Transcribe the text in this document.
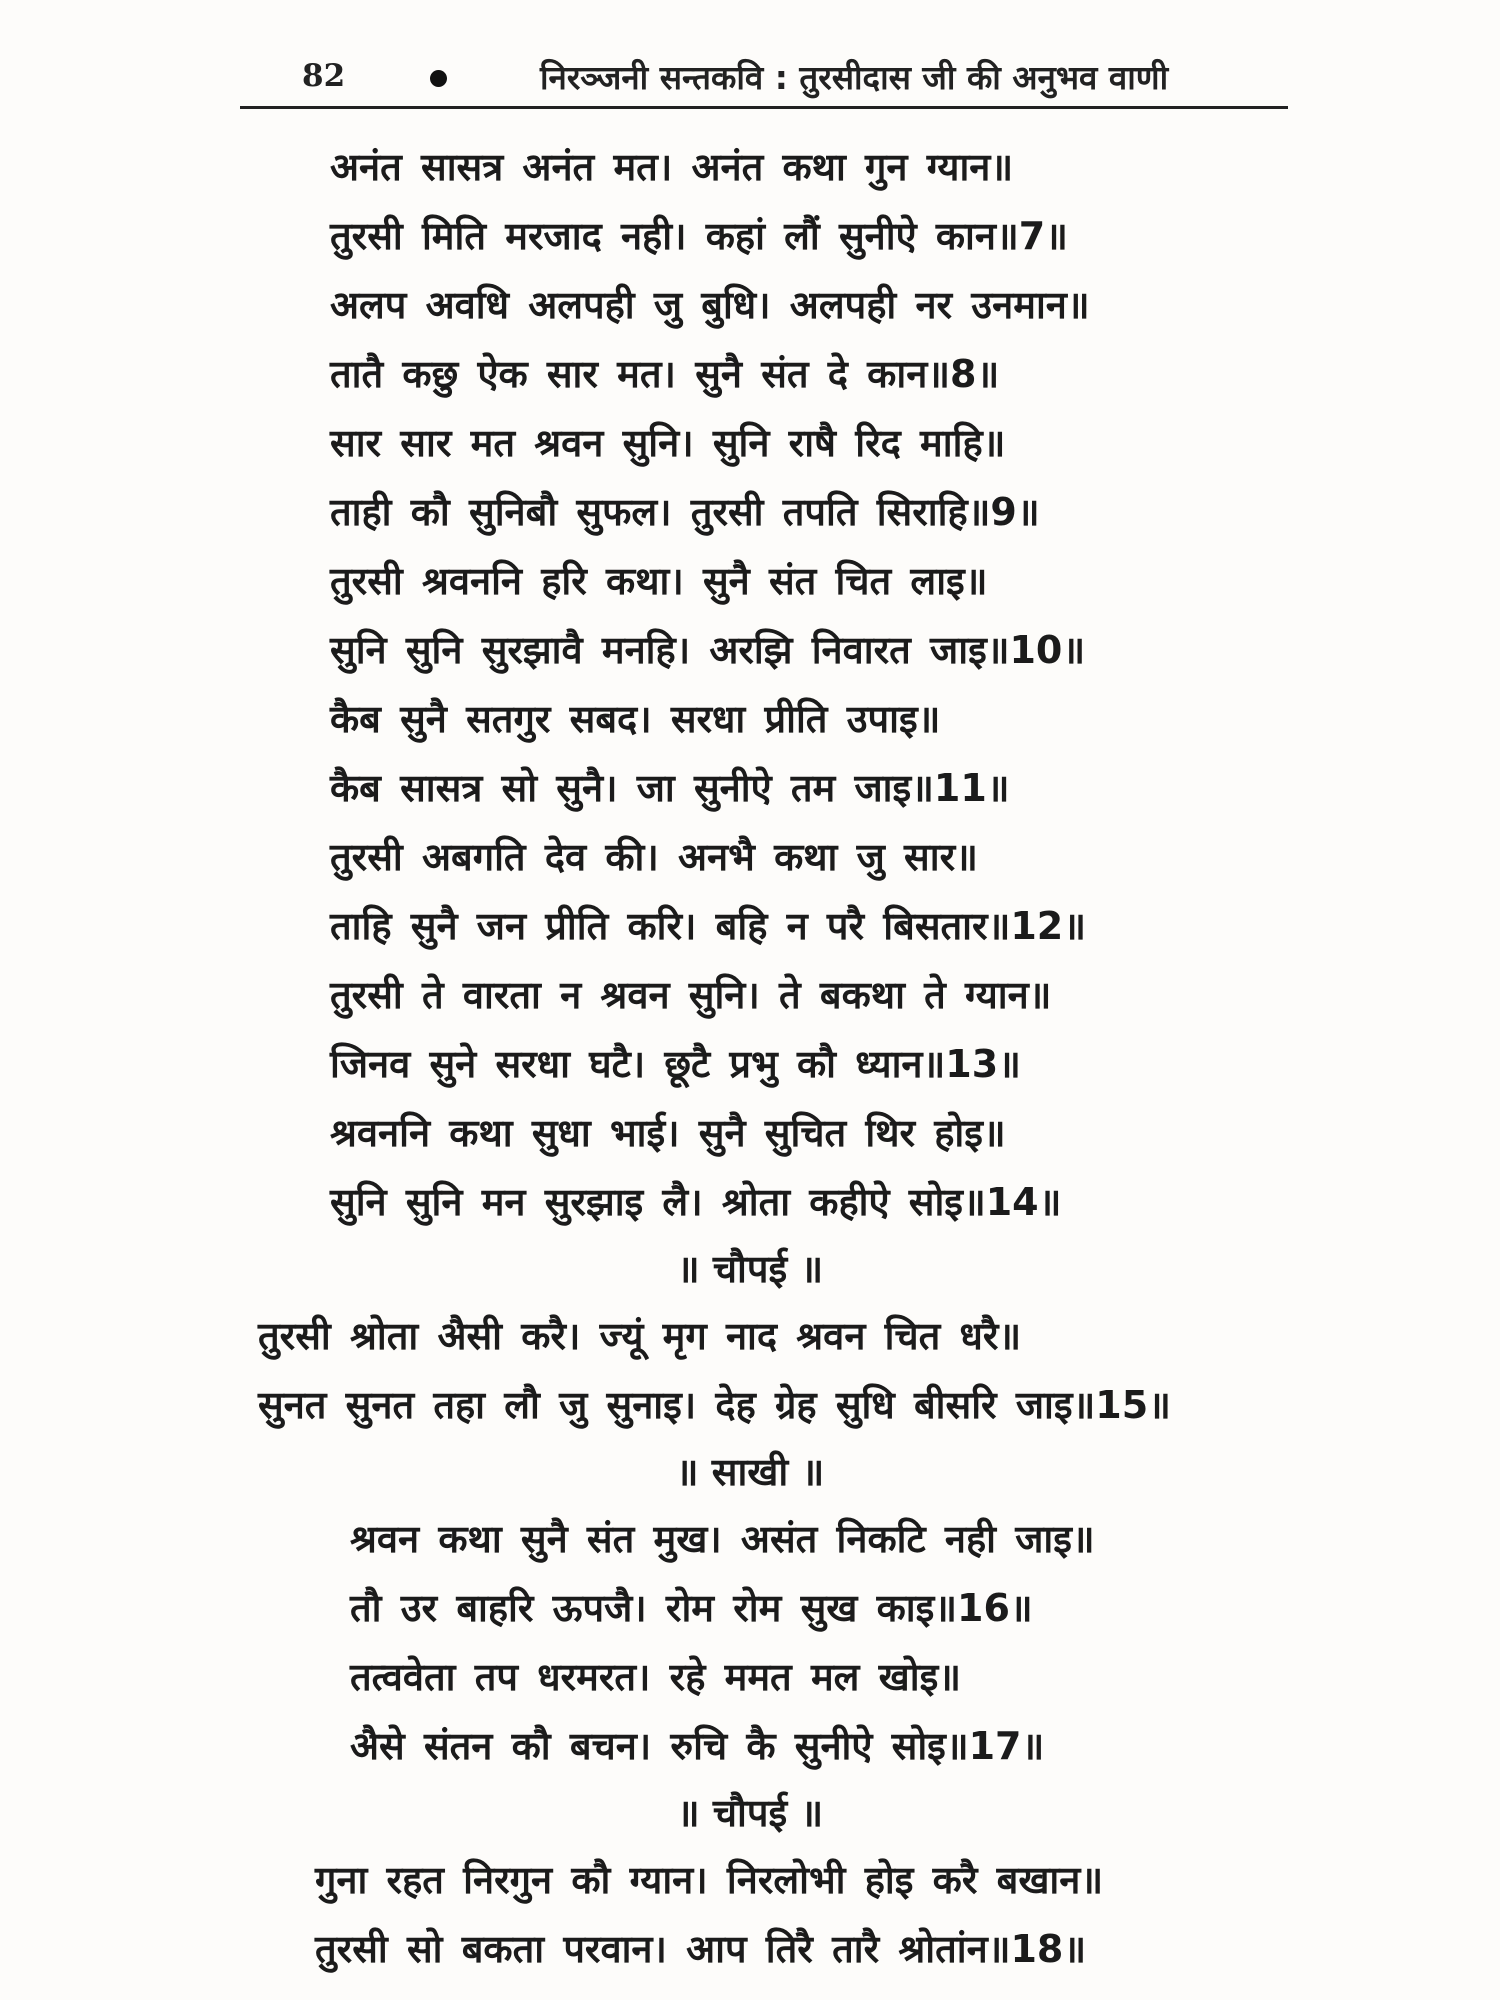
82	निरञ्जनी सन्तकवि : तुरसीदास जी की अनुभव वाणी
अनंत सासत्र अनंत मत। अनंत कथा गुन ग्यान॥
तुरसी मिति मरजाद नही। कहां लौं सुनीऐ कान॥7॥
अलप अवधि अलपही जु बुधि। अलपही नर उनमान॥
तातै कछु ऐक सार मत। सुनै संत दे कान॥8॥
सार सार मत श्रवन सुनि। सुनि राषै रिद माहि॥
ताही कौ सुनिबौ सुफल। तुरसी तपति सिराहि॥9॥
तुरसी श्रवननि हरि कथा। सुनै संत चित लाइ॥
सुनि सुनि सुरझावै मनहि। अरझि निवारत जाइ॥10॥
कैब सुनै सतगुर सबद। सरधा प्रीति उपाइ॥
कैब सासत्र सो सुनै। जा सुनीऐ तम जाइ॥11॥
तुरसी अबगति देव की। अनभै कथा जु सार॥
ताहि सुनै जन प्रीति करि। बहि न परै बिसतार॥12॥
तुरसी ते वारता न श्रवन सुनि। ते बकथा ते ग्यान॥
जिनव सुने सरधा घटै। छूटै प्रभु कौ ध्यान॥13॥
श्रवननि कथा सुधा भाई। सुनै सुचित थिर होइ॥
सुनि सुनि मन सुरझाइ लै। श्रोता कहीऐ सोइ॥14॥
॥ चौपई ॥
तुरसी श्रोता अैसी करै। ज्यूं मृग नाद श्रवन चित धरै॥
सुनत सुनत तहा लौ जु सुनाइ। देह ग्रेह सुधि बीसरि जाइ॥15॥
॥ साखी ॥
श्रवन कथा सुनै संत मुख। असंत निकटि नही जाइ॥
तौ उर बाहरि ऊपजै। रोम रोम सुख काइ॥16॥
तत्ववेता तप धरमरत। रहे ममत मल खोइ॥
अैसे संतन कौ बचन। रुचि कै सुनीऐ सोइ॥17॥
॥ चौपई ॥
गुना रहत निरगुन कौ ग्यान। निरलोभी होइ करै बखान॥
तुरसी सो बकता परवान। आप तिरै तारै श्रोतांन॥18॥
